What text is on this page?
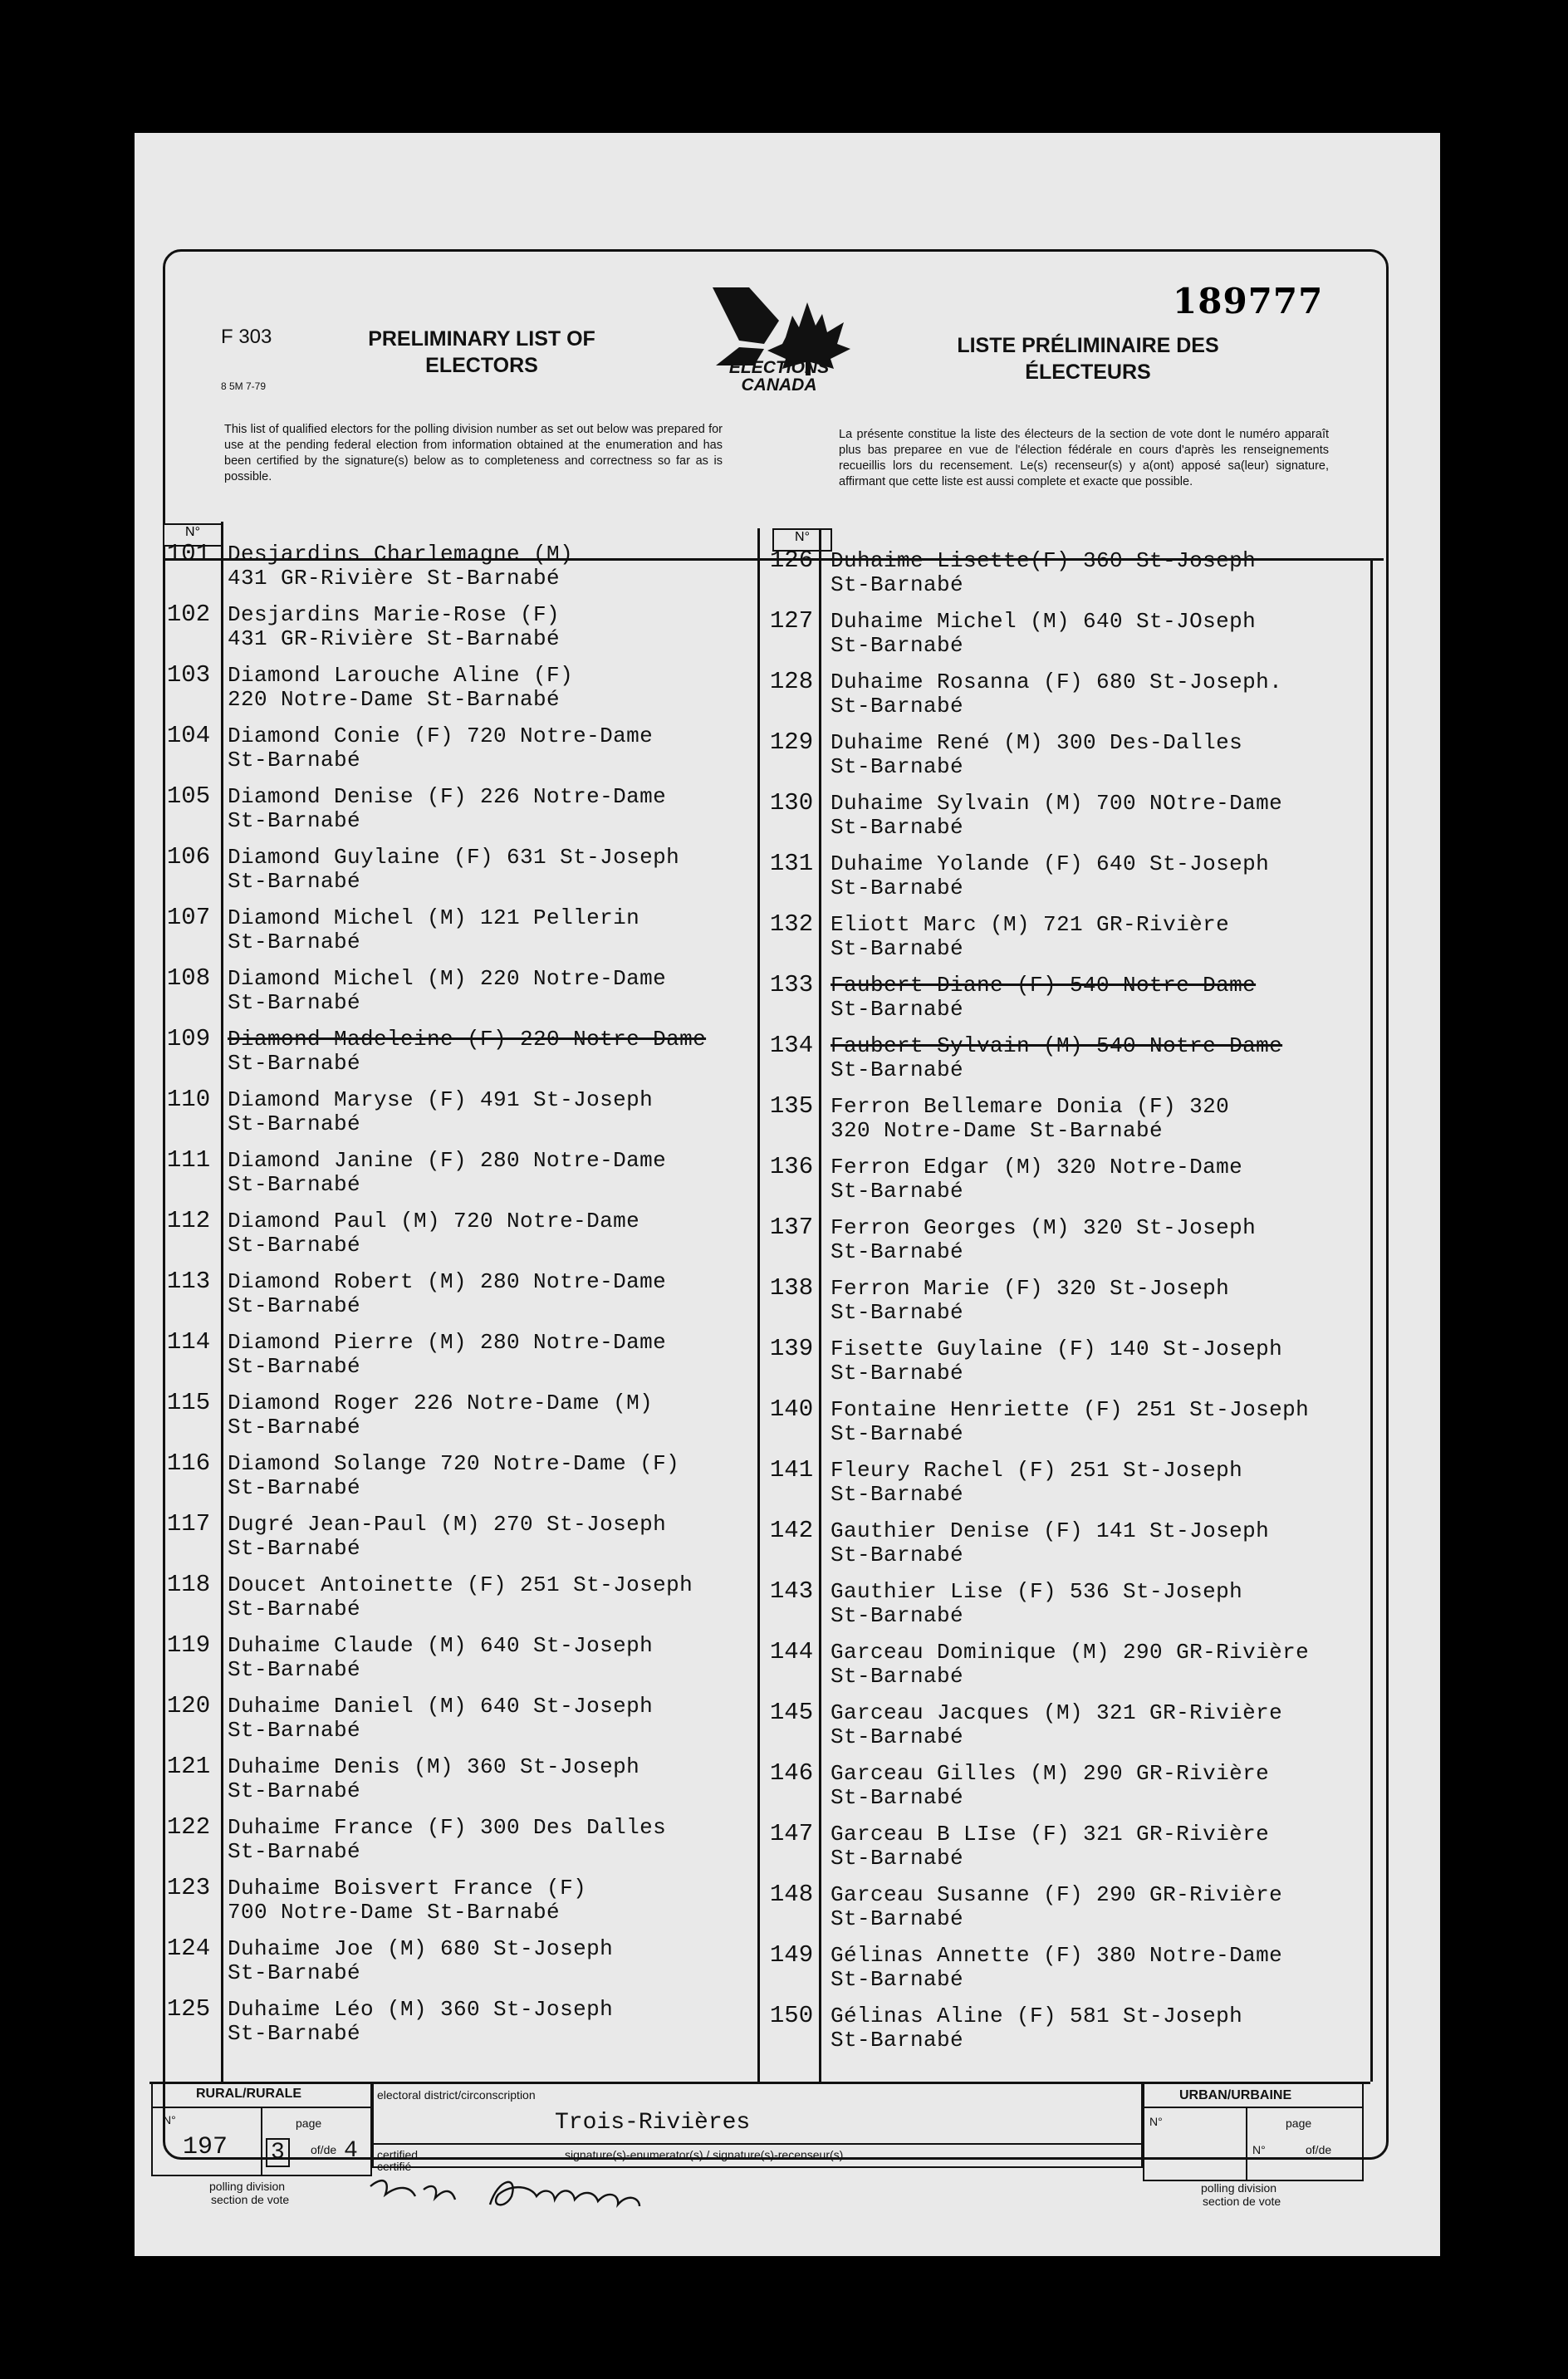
F 303
8 5M 7-79
PRELIMINARY LIST OF ELECTORS	ELECTIONS CANADA
LISTE PRÉLIMINAIRE DES ÉLECTEURS
189777
This list of qualified electors for the polling division number as set out below was prepared for use at the pending federal election from information obtained at the enumeration and has been certified by the signature(s) below as to completeness and correctness so far as is possible.
La présente constitue la liste des électeurs de la section de vote dont le numéro apparaît plus bas preparee en vue de l'élection fédérale en cours d'après les renseignements recueillis lors du recensement. Le(s) recenseur(s) y a(ont) apposé sa(leur) signature, affirmant que cette liste est aussi complete et exacte que possible.
N°	N°
101 Desjardins Charlemagne (M)
431 GR-Rivière St-Barnabé
102 Desjardins Marie-Rose (F)
431 GR-Rivière St-Barnabé
103 Diamond Larouche Aline (F)
220 Notre-Dame St-Barnabé
104 Diamond Conie (F) 720 Notre-Dame
St-Barnabé
105 Diamond Denise (F) 226 Notre-Dame
St-Barnabé
106 Diamond Guylaine (F) 631 St-Joseph
St-Barnabé
107 Diamond Michel (M) 121 Pellerin
St-Barnabé
108 Diamond Michel (M) 220 Notre-Dame
St-Barnabé
109 Diamond Madeleine (F) 220 Notre-Dame
St-Barnabé
110 Diamond Maryse (F) 491 St-Joseph
St-Barnabé
111 Diamond Janine (F) 280 Notre-Dame
St-Barnabé
112 Diamond Paul (M) 720 Notre-Dame
St-Barnabé
113 Diamond Robert (M) 280 Notre-Dame
St-Barnabé
114 Diamond Pierre (M) 280 Notre-Dame
St-Barnabé
115 Diamond Roger 226 Notre-Dame (M)
St-Barnabé
116 Diamond Solange 720 Notre-Dame (F)
St-Barnabé
117 Dugré Jean-Paul (M) 270 St-Joseph
St-Barnabé
118 Doucet Antoinette (F) 251 St-Joseph
St-Barnabé
119 Duhaime Claude (M) 640 St-Joseph
St-Barnabé
120 Duhaime Daniel (M) 640 St-Joseph
St-Barnabé
121 Duhaime Denis (M) 360 St-Joseph
St-Barnabé
122 Duhaime France (F) 300 Des Dalles
St-Barnabé
123 Duhaime Boisvert France (F)
700 Notre-Dame St-Barnabé
124 Duhaime Joe (M) 680 St-Joseph
St-Barnabé
125 Duhaime Léo (M) 360 St-Joseph
St-Barnabé
126 Duhaime Lisette(F) 360 St-Joseph
St-Barnabé
127 Duhaime Michel (M) 640 St-JOseph
St-Barnabé
128 Duhaime Rosanna (F) 680 St-Joseph.
St-Barnabé
129 Duhaime René (M) 300 Des-Dalles
St-Barnabé
130 Duhaime Sylvain (M) 700 NOtre-Dame
St-Barnabé
131 Duhaime Yolande (F) 640 St-Joseph
St-Barnabé
132 Eliott Marc (M) 721 GR-Rivière
St-Barnabé
133 Faubert Diane (F) 540 Notre-Dame
St-Barnabé
134 Faubert Sylvain (M) 540 Notre-Dame
St-Barnabé
135 Ferron Bellemare Donia (F) 320
320 Notre-Dame St-Barnabé
136 Ferron Edgar (M) 320 Notre-Dame
St-Barnabé
137 Ferron Georges (M) 320 St-Joseph
St-Barnabé
138 Ferron Marie (F) 320 St-Joseph
St-Barnabé
139 Fisette Guylaine (F) 140 St-Joseph
St-Barnabé
140 Fontaine Henriette (F) 251 St-Joseph
St-Barnabé
141 Fleury Rachel (F) 251 St-Joseph
St-Barnabé
142 Gauthier Denise (F) 141 St-Joseph
St-Barnabé
143 Gauthier Lise (F) 536 St-Joseph
St-Barnabé
144 Garceau Dominique (M) 290 GR-Rivière
St-Barnabé
145 Garceau Jacques (M) 321 GR-Rivière
St-Barnabé
146 Garceau Gilles (M) 290 GR-Rivière
St-Barnabé
147 Garceau B LIse (F) 321 GR-Rivière
St-Barnabé
148 Garceau Susanne (F) 290 GR-Rivière
St-Barnabé
149 Gélinas Annette (F) 380 Notre-Dame
St-Barnabé
150 Gélinas Aline (F) 581 St-Joseph
St-Barnabé
RURAL/RURALE
N°	page
197 3	of/de 4
polling division
section de vote
electoral district/circonscription
Trois-Rivières
certified
certifié
signature(s)-enumerator(s) / signature(s)-recenseur(s)
URBAN/URBAINE
N°	page
N°	of/de
polling division
section de vote
